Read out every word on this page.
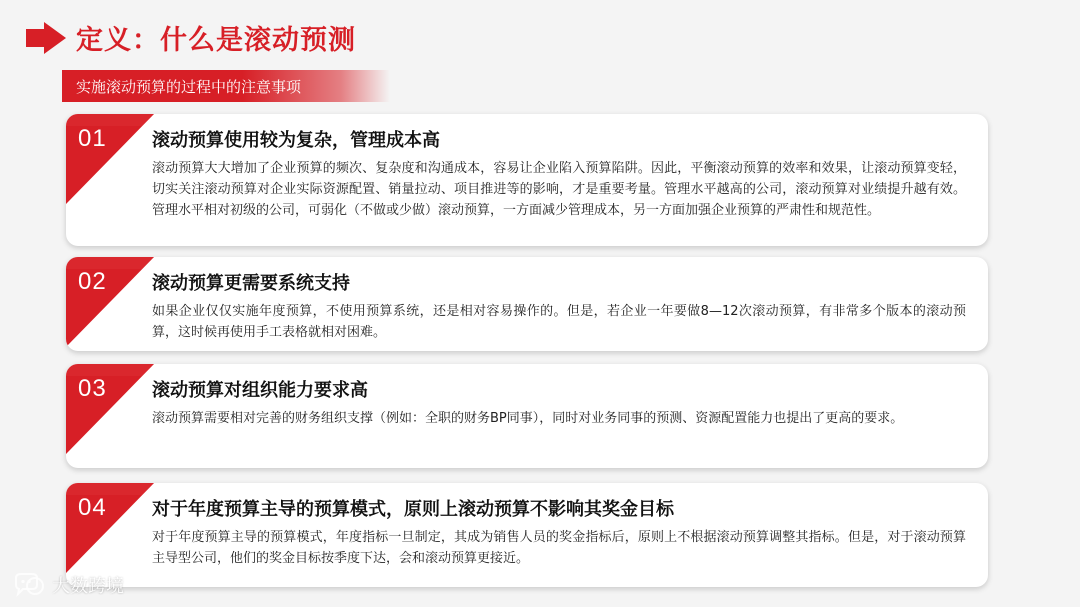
定义：什么是滚动预测
实施滚动预算的过程中的注意事项
01	滚动预算使用较为复杂，管理成本高
滚动预算大大增加了企业预算的频次、复杂度和沟通成本，容易让企业陷入预算陷阱。因此，平衡滚动预算的效率和效果，让滚动预算变轻，切实关注滚动预算对企业实际资源配置、销量拉动、项目推进等的影响，才是重要考量。管理水平越高的公司，滚动预算对业绩提升越有效。管理水平相对初级的公司，可弱化（不做或少做）滚动预算，一方面减少管理成本，另一方面加强企业预算的严肃性和规范性。
02	滚动预算更需要系统支持
如果企业仅仅实施年度预算，不使用预算系统，还是相对容易操作的。但是，若企业一年要做8—12次滚动预算，有非常多个版本的滚动预算，这时候再使用手工表格就相对困难。
03	滚动预算对组织能力要求高
滚动预算需要相对完善的财务组织支撑（例如：全职的财务BP同事），同时对业务同事的预测、资源配置能力也提出了更高的要求。
04	对于年度预算主导的预算模式，原则上滚动预算不影响其奖金目标
对于年度预算主导的预算模式，年度指标一旦制定，其成为销售人员的奖金指标后，原则上不根据滚动预算调整其指标。但是，对于滚动预算主导型公司，他们的奖金目标按季度下达，会和滚动预算更接近。
大数跨境
